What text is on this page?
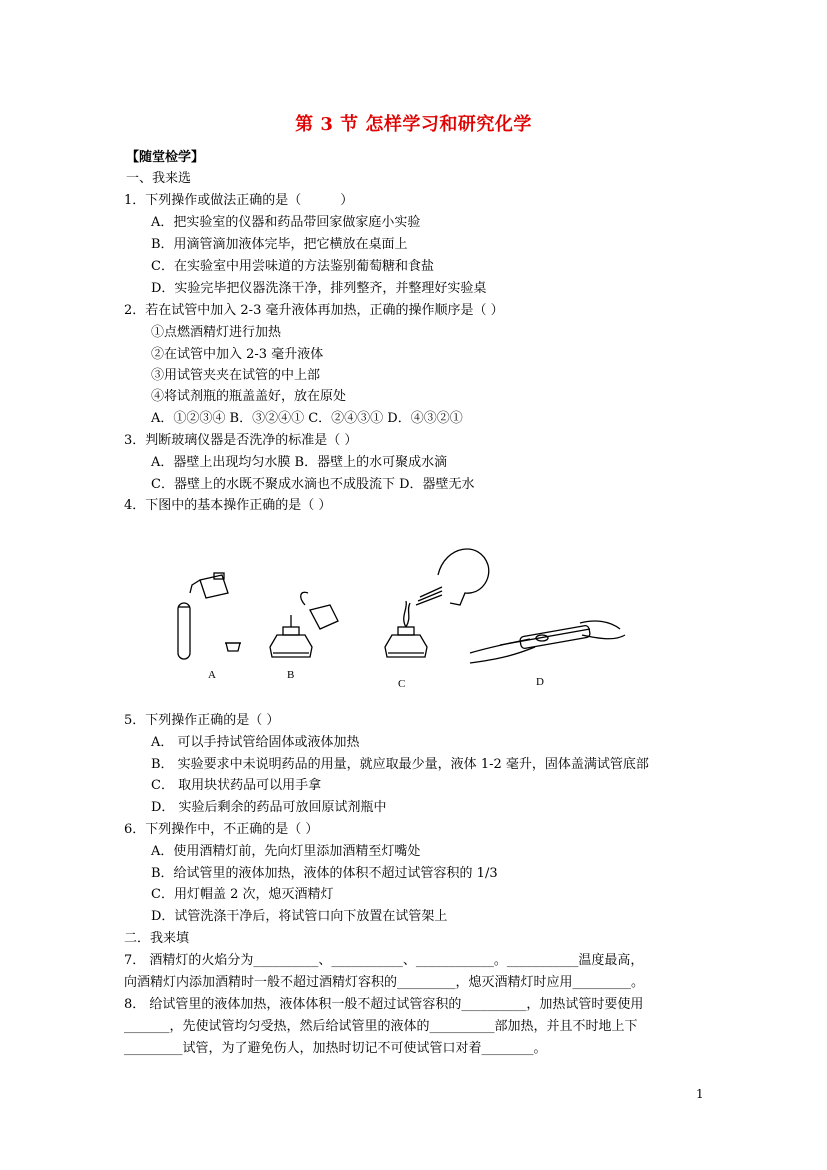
第 3 节 怎样学习和研究化学
【随堂检学】
一、我来选
1．下列操作或做法正确的是（　　　）
A．把实验室的仪器和药品带回家做家庭小实验
B．用滴管滴加液体完毕，把它横放在桌面上
C．在实验室中用尝味道的方法鉴别葡萄糖和食盐
D．实验完毕把仪器洗涤干净，排列整齐，并整理好实验桌
2．若在试管中加入 2-3 毫升液体再加热，正确的操作顺序是（ ）
①点燃酒精灯进行加热
②在试管中加入 2-3 毫升液体
③用试管夹夹在试管的中上部
④将试剂瓶的瓶盖盖好，放在原处
A．①②③④ B．③②④① C．②④③① D．④③②①
3．判断玻璃仪器是否洗净的标准是（ ）
A．器壁上出现均匀水膜 B．器壁上的水可聚成水滴
C．器壁上的水既不聚成水滴也不成股流下 D．器壁无水
4．下图中的基本操作正确的是（ ）
A	B
C	D
5．下列操作正确的是（ ）
A． 可以手持试管给固体或液体加热
B． 实验要求中未说明药品的用量，就应取最少量，液体 1-2 毫升，固体盖满试管底部
C． 取用块状药品可以用手拿
D． 实验后剩余的药品可放回原试剂瓶中
6．下列操作中，不正确的是（ ）
A．使用酒精灯前，先向灯里添加酒精至灯嘴处
B．给试管里的液体加热，液体的体积不超过试管容积的 1/3
C．用灯帽盖 2 次，熄灭酒精灯
D．试管洗涤干净后，将试管口向下放置在试管架上
二．我来填
7． 酒精灯的火焰分为__________、___________、____________。___________温度最高，
向酒精灯内添加酒精时一般不超过酒精灯容积的_________，熄灭酒精灯时应用_________。
8． 给试管里的液体加热，液体体积一般不超过试管容积的__________，加热试管时要使用
_______，先使试管均匀受热，然后给试管里的液体的__________部加热，并且不时地上下
_________试管，为了避免伤人，加热时切记不可使试管口对着________。
1
